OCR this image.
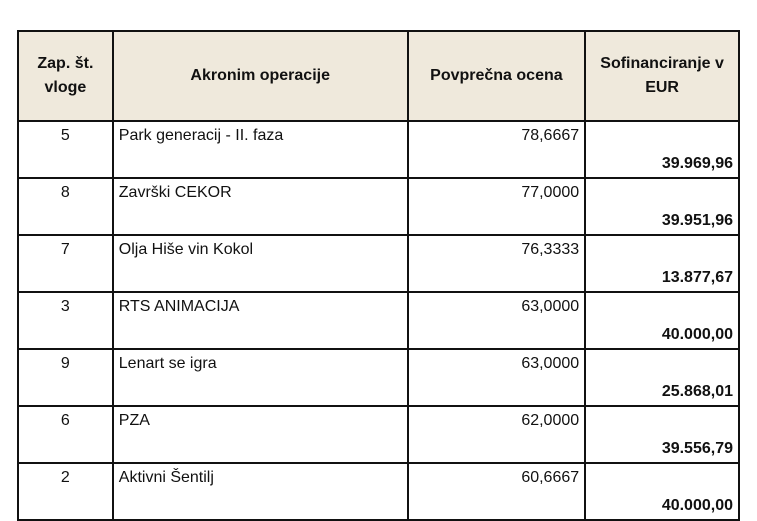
Zap. št. vloge	Akronim operacije	Povprečna ocena	Sofinanciranje v EUR
5	Park generacij - II. faza	78,6667	39.969,96
8	Završki CEKOR	77,0000	39.951,96
7	Olja Hiše vin Kokol	76,3333	13.877,67
3	RTS ANIMACIJA	63,0000	40.000,00
9	Lenart se igra	63,0000	25.868,01
6	PZA	62,0000	39.556,79
2	Aktivni Šentilj	60,6667	40.000,00
